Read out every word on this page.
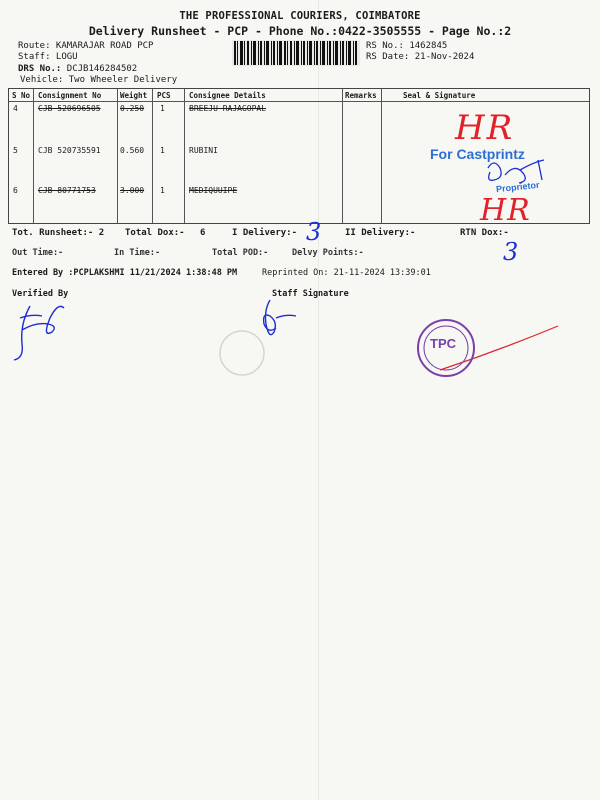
THE PROFESSIONAL COURIERS, COIMBATORE
Delivery Runsheet - PCP - Phone No.:0422-3505555 - Page No.:2
Route: KAMARAJAR ROAD PCP
Staff: LOGU
DRS No.: DCJB146284502
Vehicle: Two Wheeler Delivery
RS No.: 1462845
RS Date: 21-Nov-2024
S No Consignment No	Weight PCS Consignee Details	Remarks	Seal & Signature
4	CJB 520696505 0.250 1	BREEJU RAJAGOPAL
5	CJB 520735591 0.560 1	RUBINI
6	CJB 80771753	3.000 1	MEDIQUUIPE
Tot. Runsheet:- 2 Total Dox:- 6	I Delivery:-	II Delivery:-	RTN Dox:-
Out Time:-	In Time:-	Total POD:-	Delvy Points:-
Entered By :PCPLAKSHMI 11/21/2024 1:38:48 PM	Reprinted On: 21-11-2024 13:39:01
Verified By	Staff Signature
HR
HR
3
3
For Castprintz
Proprietor
TPC
